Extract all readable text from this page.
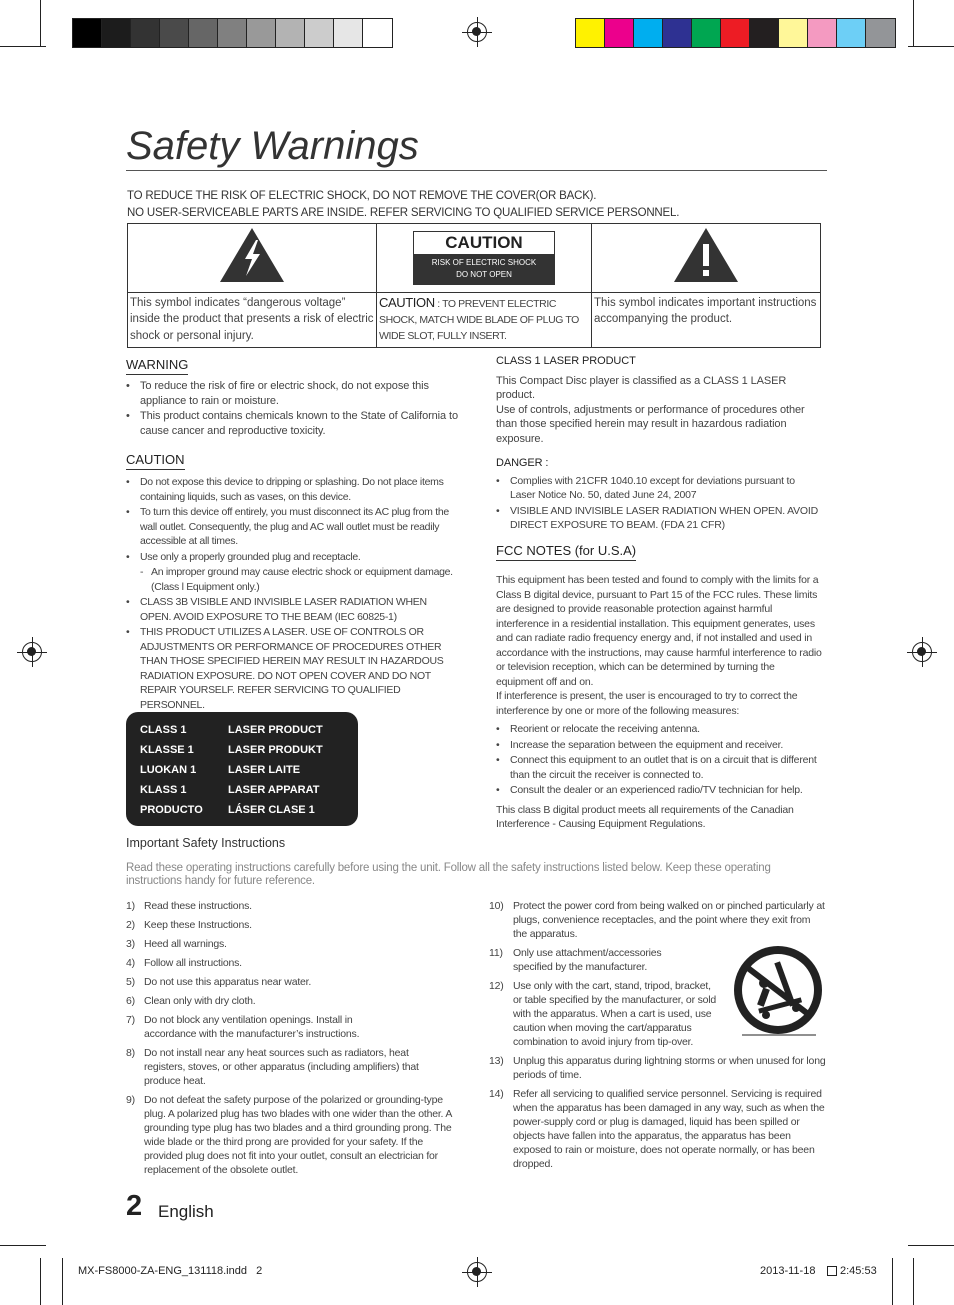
Safety Warnings
TO REDUCE THE RISK OF ELECTRIC SHOCK, DO NOT REMOVE THE COVER(OR BACK).
NO USER-SERVICEABLE PARTS ARE INSIDE. REFER SERVICING TO QUALIFIED SERVICE PERSONNEL.

CAUTION
RISK OF ELECTRIC SHOCK
DO NOT OPEN

This symbol indicates “dangerous voltage” inside the product that presents a risk of electric shock or personal injury.	CAUTION : TO PREVENT ELECTRIC SHOCK, MATCH WIDE BLADE OF PLUG TO WIDE SLOT, FULLY INSERT.	This symbol indicates important instructions accompanying the product.
WARNING
• To reduce the risk of fire or electric shock, do not expose this appliance to rain or moisture.
• This product contains chemicals known to the State of California to cause cancer and reproductive toxicity.
CAUTION
• Do not expose this device to dripping or splashing. Do not place items containing liquids, such as vases, on this device.
• To turn this device off entirely, you must disconnect its AC plug from the wall outlet. Consequently, the plug and AC wall outlet must be readily accessible at all times.
• Use only a properly grounded plug and receptacle.
- An improper ground may cause electric shock or equipment damage. (Class l Equipment only.)
• CLASS 3B VISIBLE AND INVISIBLE LASER RADIATION WHEN OPEN. AVOID EXPOSURE TO THE BEAM (IEC 60825-1)
• THIS PRODUCT UTILIZES A LASER. USE OF CONTROLS OR ADJUSTMENTS OR PERFORMANCE OF PROCEDURES OTHER THAN THOSE SPECIFIED HEREIN MAY RESULT IN HAZARDOUS RADIATION EXPOSURE. DO NOT OPEN COVER AND DO NOT REPAIR YOURSELF. REFER SERVICING TO QUALIFIED PERSONNEL.
CLASS 1	LASER PRODUCT
KLASSE 1	LASER PRODUKT
LUOKAN 1	LASER LAITE
KLASS 1	LASER APPARAT
PRODUCTO	LÁSER CLASE 1
CLASS 1 LASER PRODUCT
This Compact Disc player is classified as a CLASS 1 LASER product.
Use of controls, adjustments or performance of procedures other than those specified herein may result in hazardous radiation exposure.
DANGER :
• Complies with 21CFR 1040.10 except for deviations pursuant to Laser Notice No. 50, dated June 24, 2007
• VISIBLE AND INVISIBLE LASER RADIATION WHEN OPEN. AVOID DIRECT EXPOSURE TO BEAM. (FDA 21 CFR)
FCC NOTES (for U.S.A)
This equipment has been tested and found to comply with the limits for a Class B digital device, pursuant to Part 15 of the FCC rules. These limits are designed to provide reasonable protection against harmful interference in a residential installation. This equipment generates, uses and can radiate radio frequency energy and, if not installed and used in accordance with the instructions, may cause harmful interference to radio or television reception, which can be determined by turning the equipment off and on.
If interference is present, the user is encouraged to try to correct the interference by one or more of the following measures:
• Reorient or relocate the receiving antenna.
• Increase the separation between the equipment and receiver.
• Connect this equipment to an outlet that is on a circuit that is different than the circuit the receiver is connected to.
• Consult the dealer or an experienced radio/TV technician for help.
This class B digital product meets all requirements of the Canadian Interference - Causing Equipment Regulations.
Important Safety Instructions
Read these operating instructions carefully before using the unit. Follow all the safety instructions listed below. Keep these operating instructions handy for future reference.
1) Read these instructions.
2) Keep these Instructions.
3) Heed all warnings.
4) Follow all instructions.
5) Do not use this apparatus near water.
6) Clean only with dry cloth.
7) Do not block any ventilation openings. Install in accordance with the manufacturer’s instructions.
8) Do not install near any heat sources such as radiators, heat registers, stoves, or other apparatus (including amplifiers) that produce heat.
9) Do not defeat the safety purpose of the polarized or grounding-type plug. A polarized plug has two blades with one wider than the other. A grounding type plug has two blades and a third grounding prong. The wide blade or the third prong are provided for your safety. If the provided plug does not fit into your outlet, consult an electrician for replacement of the obsolete outlet.
10) Protect the power cord from being walked on or pinched particularly at plugs, convenience receptacles, and the point where they exit from the apparatus.
11) Only use attachment/accessories specified by the manufacturer.
12) Use only with the cart, stand, tripod, bracket, or table specified by the manufacturer, or sold with the apparatus. When a cart is used, use caution when moving the cart/apparatus combination to avoid injury from tip-over.
13) Unplug this apparatus during lightning storms or when unused for long periods of time.
14) Refer all servicing to qualified service personnel. Servicing is required when the apparatus has been damaged in any way, such as when the power-supply cord or plug is damaged, liquid has been spilled or objects have fallen into the apparatus, the apparatus has been exposed to rain or moisture, does not operate normally, or has been dropped.
2 English
MX-FS8000-ZA-ENG_131118.indd   2	2013-11-18 2:45:53
